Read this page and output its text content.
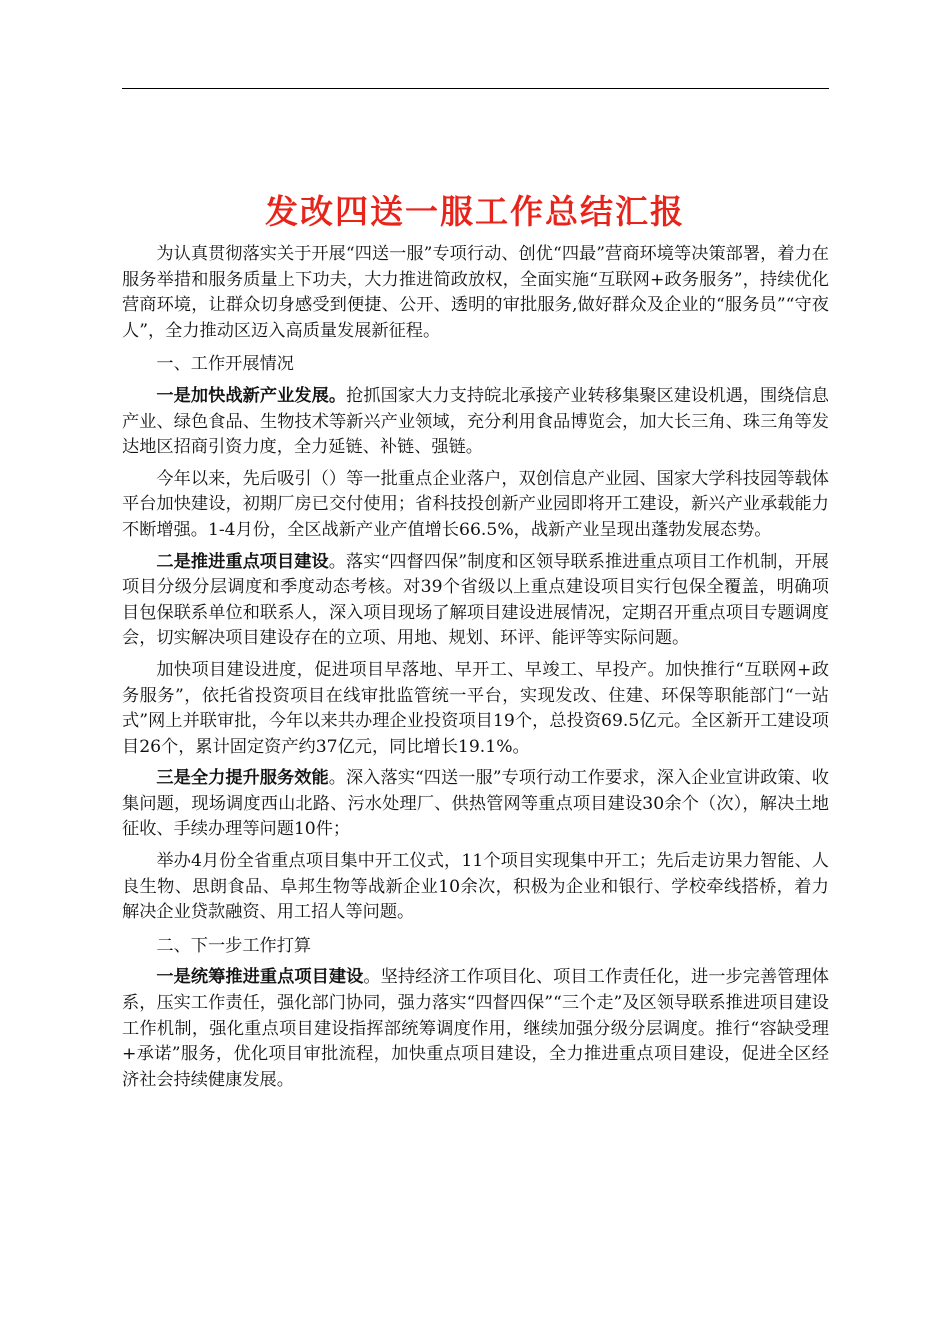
发改四送一服工作总结汇报

为认真贯彻落实关于开展“四送一服”专项行动、创优“四最”营商环境等决策部署，着力在服务举措和服务质量上下功夫，大力推进简政放权，全面实施“互联网+政务服务”，持续优化营商环境，让群众切身感受到便捷、公开、透明的审批服务,做好群众及企业的“服务员”“守夜人”，全力推动区迈入高质量发展新征程。

一、工作开展情况

一是加快战新产业发展。抢抓国家大力支持皖北承接产业转移集聚区建设机遇，围绕信息产业、绿色食品、生物技术等新兴产业领域，充分利用食品博览会，加大长三角、珠三角等发达地区招商引资力度，全力延链、补链、强链。

今年以来，先后吸引（）等一批重点企业落户，双创信息产业园、国家大学科技园等载体平台加快建设，初期厂房已交付使用；省科技投创新产业园即将开工建设，新兴产业承载能力不断增强。1-4月份，全区战新产业产值增长66.5%，战新产业呈现出蓬勃发展态势。

二是推进重点项目建设。落实“四督四保”制度和区领导联系推进重点项目工作机制，开展项目分级分层调度和季度动态考核。对39个省级以上重点建设项目实行包保全覆盖，明确项目包保联系单位和联系人，深入项目现场了解项目建设进展情况，定期召开重点项目专题调度会，切实解决项目建设存在的立项、用地、规划、环评、能评等实际问题。

加快项目建设进度，促进项目早落地、早开工、早竣工、早投产。加快推行“互联网+政务服务”，依托省投资项目在线审批监管统一平台，实现发改、住建、环保等职能部门“一站式”网上并联审批，今年以来共办理企业投资项目19个，总投资69.5亿元。全区新开工建设项目26个，累计固定资产约37亿元，同比增长19.1%。

三是全力提升服务效能。深入落实“四送一服”专项行动工作要求，深入企业宣讲政策、收集问题，现场调度西山北路、污水处理厂、供热管网等重点项目建设30余个（次），解决土地征收、手续办理等问题10件；

举办4月份全省重点项目集中开工仪式，11个项目实现集中开工；先后走访果力智能、人良生物、思朗食品、阜邦生物等战新企业10余次，积极为企业和银行、学校牵线搭桥，着力解决企业贷款融资、用工招人等问题。

二、下一步工作打算

一是统筹推进重点项目建设。坚持经济工作项目化、项目工作责任化，进一步完善管理体系，压实工作责任，强化部门协同，强力落实“四督四保”“三个走”及区领导联系推进项目建设工作机制，强化重点项目建设指挥部统筹调度作用，继续加强分级分层调度。推行“容缺受理+承诺”服务，优化项目审批流程，加快重点项目建设，全力推进重点项目建设，促进全区经济社会持续健康发展。
